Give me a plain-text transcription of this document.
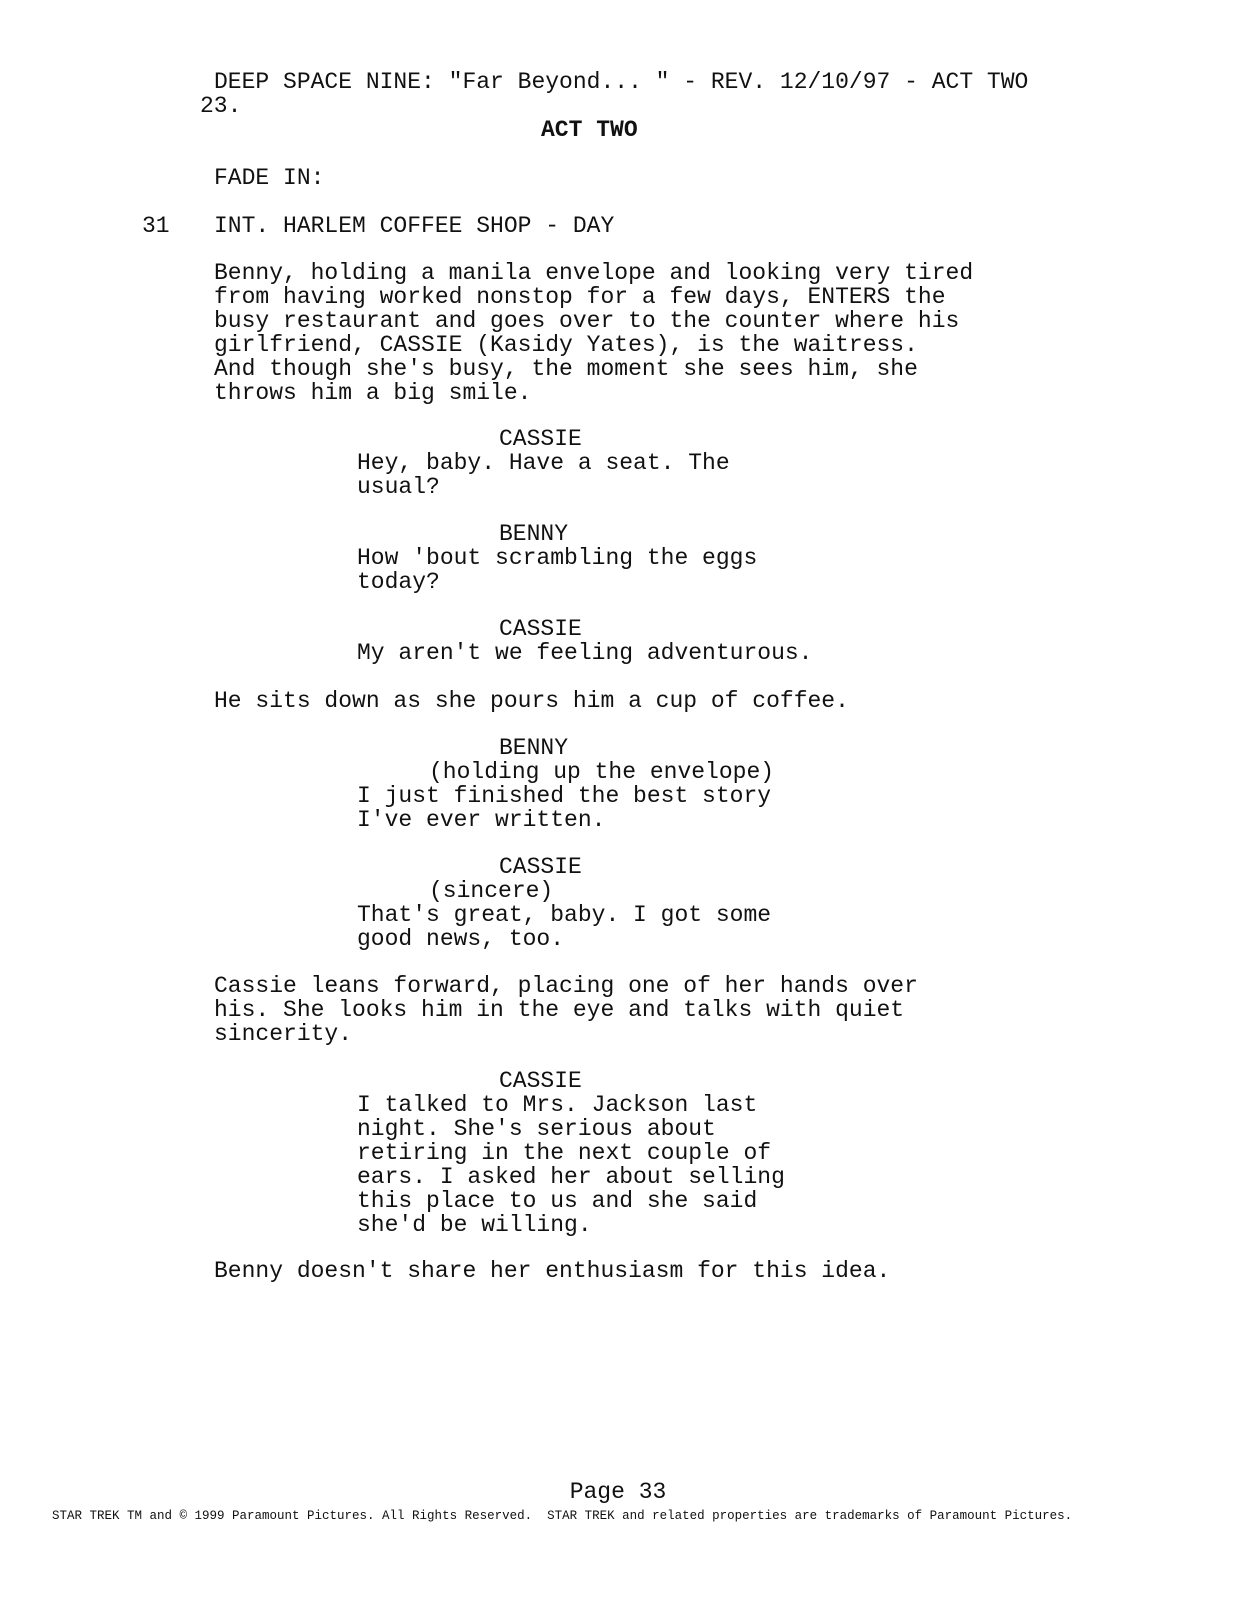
DEEP SPACE NINE: "Far Beyond... " - REV. 12/10/97 - ACT TWO
23.
ACT TWO
FADE IN:
31 INT. HARLEM COFFEE SHOP - DAY
Benny, holding a manila envelope and looking very tired
from having worked nonstop for a few days, ENTERS the
busy restaurant and goes over to the counter where his
girlfriend, CASSIE (Kasidy Yates), is the waitress.
And though she's busy, the moment she sees him, she
throws him a big smile.
CASSIE
Hey, baby. Have a seat. The
usual?
BENNY
How 'bout scrambling the eggs
today?
CASSIE
My aren't we feeling adventurous.
He sits down as she pours him a cup of coffee.
BENNY
(holding up the envelope)
I just finished the best story
I've ever written.
CASSIE
(sincere)
That's great, baby. I got some
good news, too.
Cassie leans forward, placing one of her hands over
his. She looks him in the eye and talks with quiet
sincerity.
CASSIE
I talked to Mrs. Jackson last
night. She's serious about
retiring in the next couple of
ears. I asked her about selling
this place to us and she said
she'd be willing.
Benny doesn't share her enthusiasm for this idea.
Page 33
STAR TREK TM and © 1999 Paramount Pictures. All Rights Reserved.  STAR TREK and related properties are trademarks of Paramount Pictures.
